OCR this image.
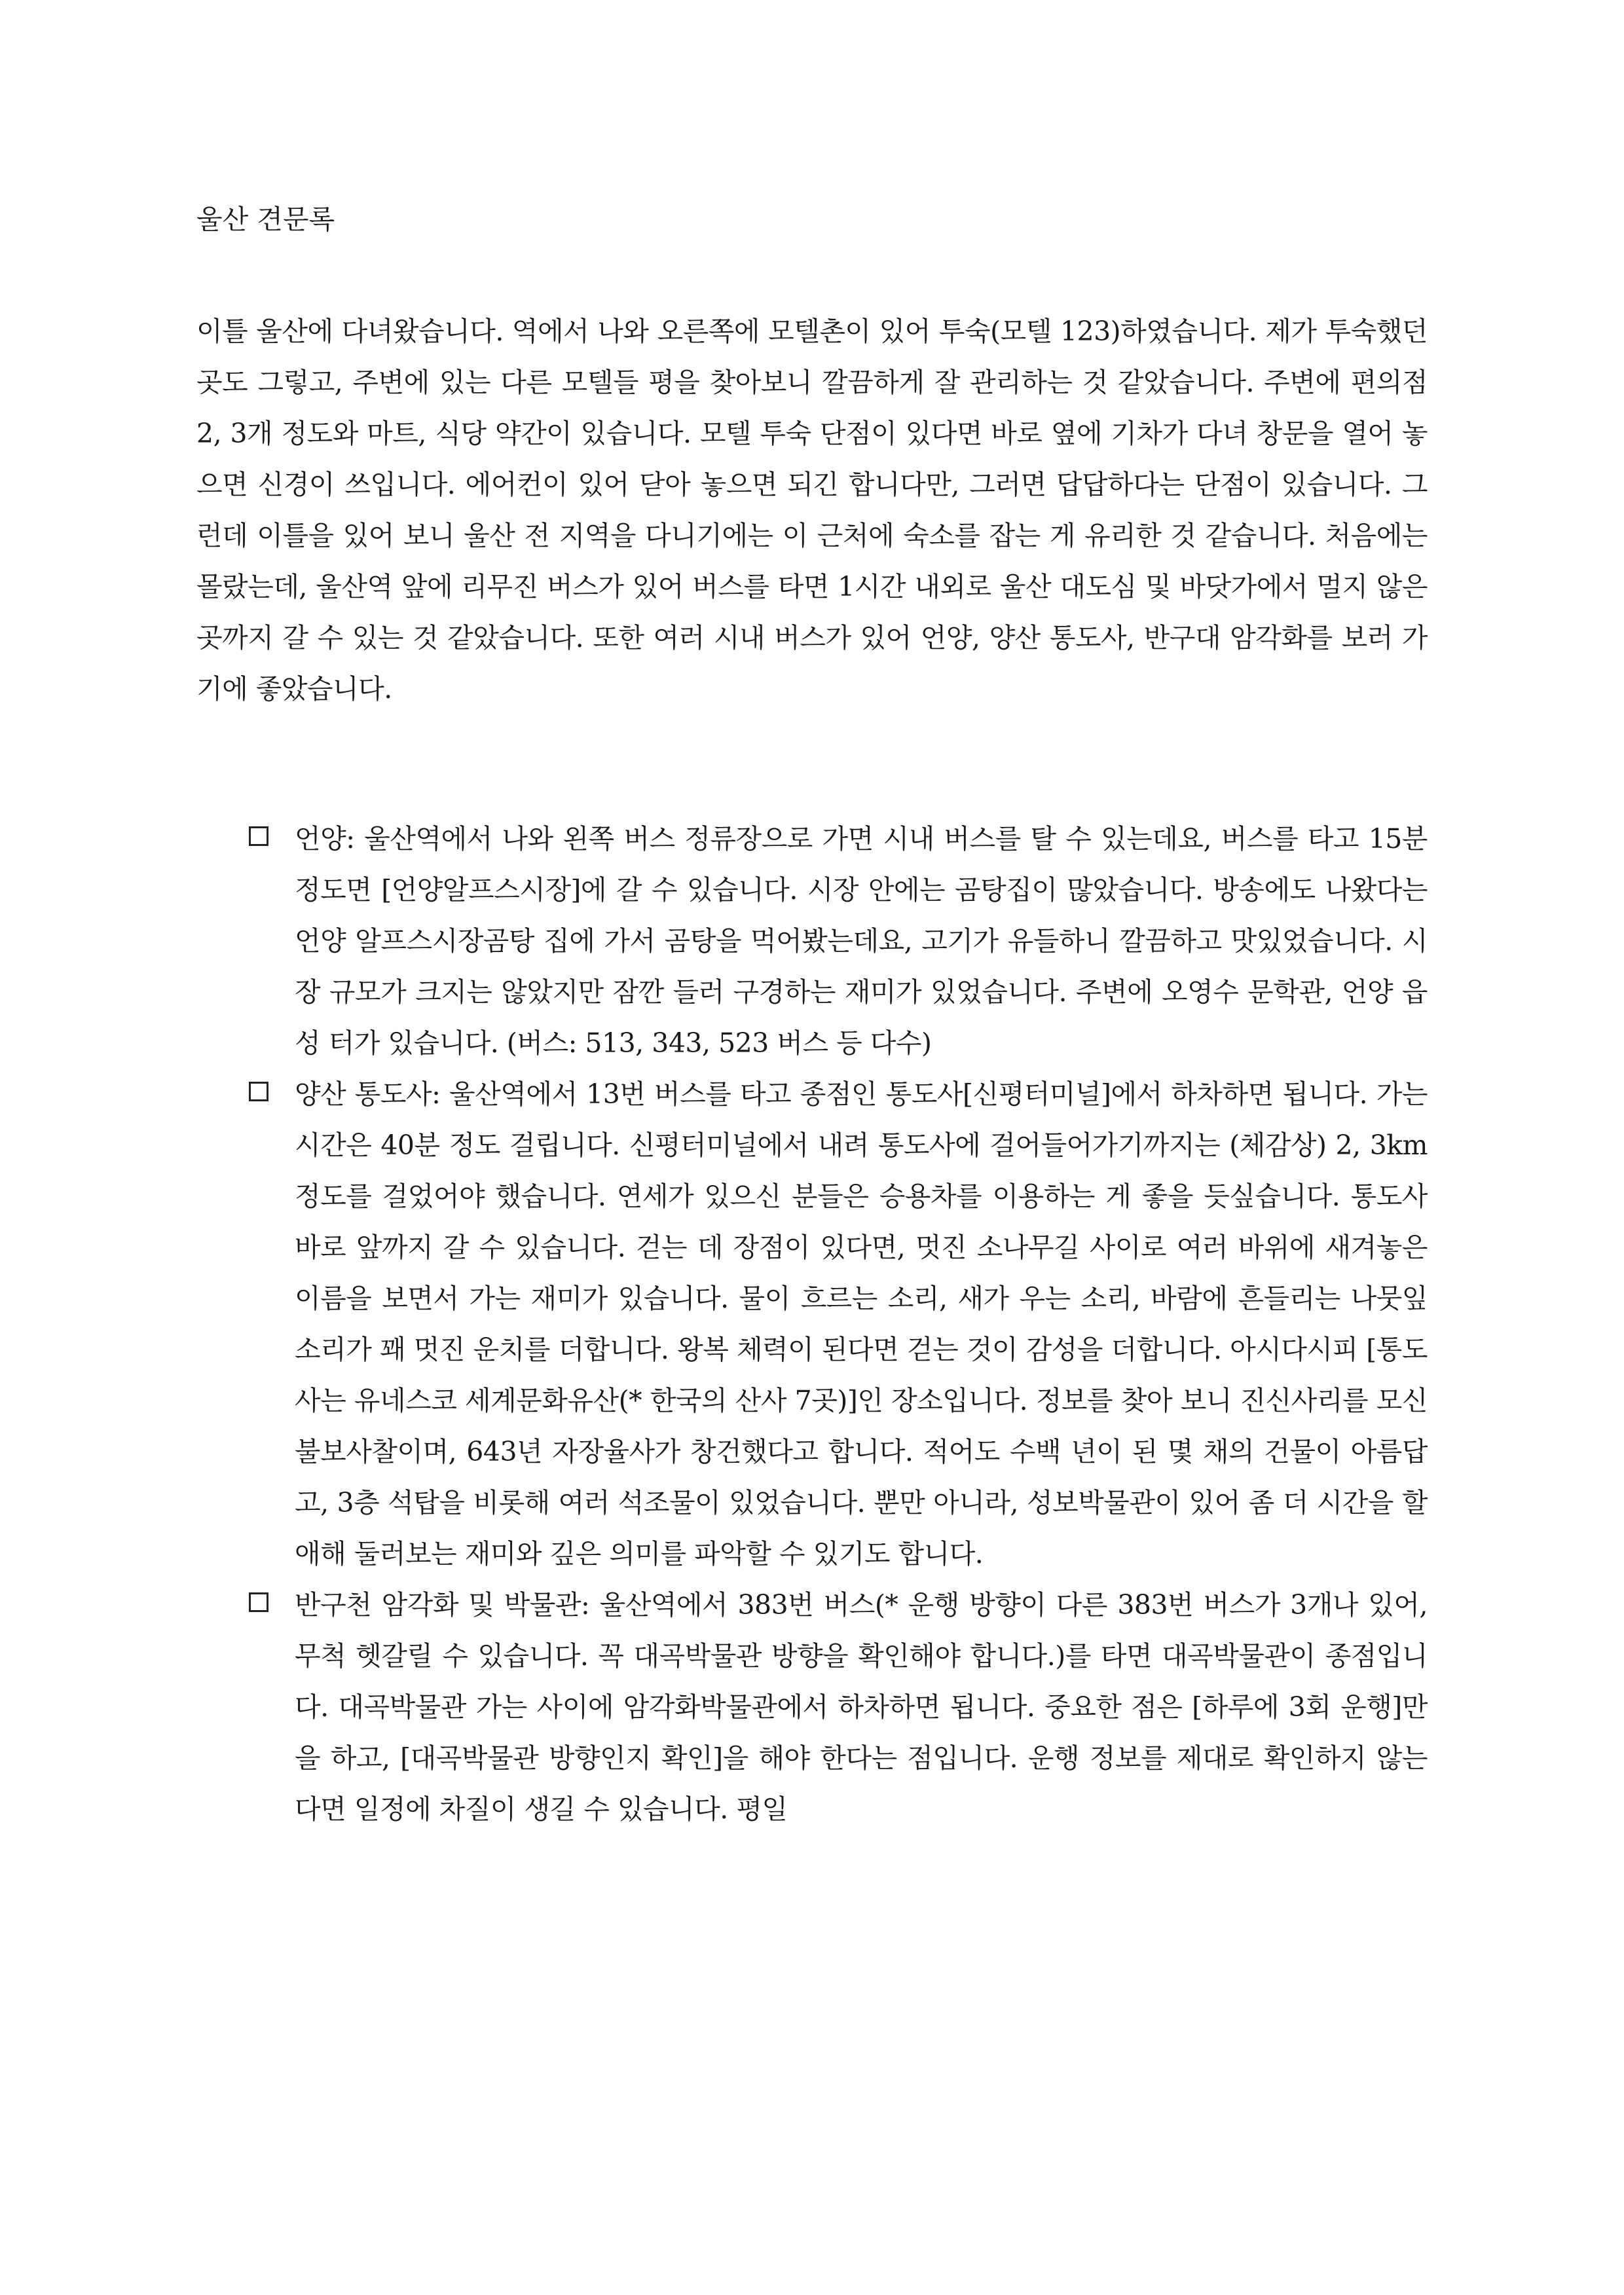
울산 견문록

이틀 울산에 다녀왔습니다. 역에서 나와 오른쪽에 모텔촌이 있어 투숙(모텔 123)하였습니다. 제가 투숙했던 곳도 그렇고, 주변에 있는 다른 모텔들 평을 찾아보니 깔끔하게 잘 관리하는 것 같았습니다. 주변에 편의점 2, 3개 정도와 마트, 식당 약간이 있습니다. 모텔 투숙 단점이 있다면 바로 옆에 기차가 다녀 창문을 열어 놓으면 신경이 쓰입니다. 에어컨이 있어 닫아 놓으면 되긴 합니다만, 그러면 답답하다는 단점이 있습니다. 그런데 이틀을 있어 보니 울산 전 지역을 다니기에는 이 근처에 숙소를 잡는 게 유리한 것 같습니다. 처음에는 몰랐는데, 울산역 앞에 리무진 버스가 있어 버스를 타면 1시간 내외로 울산 대도심 및 바닷가에서 멀지 않은 곳까지 갈 수 있는 것 같았습니다. 또한 여러 시내 버스가 있어 언양, 양산 통도사, 반구대 암각화를 보러 가기에 좋았습니다.

언양: 울산역에서 나와 왼쪽 버스 정류장으로 가면 시내 버스를 탈 수 있는데요, 버스를 타고 15분 정도면 [언양알프스시장]에 갈 수 있습니다. 시장 안에는 곰탕집이 많았습니다. 방송에도 나왔다는 언양 알프스시장곰탕 집에 가서 곰탕을 먹어봤는데요, 고기가 유들하니 깔끔하고 맛있었습니다. 시장 규모가 크지는 않았지만 잠깐 들러 구경하는 재미가 있었습니다. 주변에 오영수 문학관, 언양 읍성 터가 있습니다. (버스: 513, 343, 523 버스 등 다수)
양산 통도사: 울산역에서 13번 버스를 타고 종점인 통도사[신평터미널]에서 하차하면 됩니다. 가는 시간은 40분 정도 걸립니다. 신평터미널에서 내려 통도사에 걸어들어가기까지는 (체감상) 2, 3km 정도를 걸었어야 했습니다. 연세가 있으신 분들은 승용차를 이용하는 게 좋을 듯싶습니다. 통도사 바로 앞까지 갈 수 있습니다. 걷는 데 장점이 있다면, 멋진 소나무길 사이로 여러 바위에 새겨놓은 이름을 보면서 가는 재미가 있습니다. 물이 흐르는 소리, 새가 우는 소리, 바람에 흔들리는 나뭇잎 소리가 꽤 멋진 운치를 더합니다. 왕복 체력이 된다면 걷는 것이 감성을 더합니다. 아시다시피 [통도사는 유네스코 세계문화유산(* 한국의 산사 7곳)]인 장소입니다. 정보를 찾아 보니 진신사리를 모신 불보사찰이며, 643년 자장율사가 창건했다고 합니다. 적어도 수백 년이 된 몇 채의 건물이 아름답고, 3층 석탑을 비롯해 여러 석조물이 있었습니다. 뿐만 아니라, 성보박물관이 있어 좀 더 시간을 할애해 둘러보는 재미와 깊은 의미를 파악할 수 있기도 합니다.
반구천 암각화 및 박물관: 울산역에서 383번 버스(* 운행 방향이 다른 383번 버스가 3개나 있어, 무척 헷갈릴 수 있습니다. 꼭 대곡박물관 방향을 확인해야 합니다.)를 타면 대곡박물관이 종점입니다. 대곡박물관 가는 사이에 암각화박물관에서 하차하면 됩니다. 중요한 점은 [하루에 3회 운행]만을 하고, [대곡박물관 방향인지 확인]을 해야 한다는 점입니다. 운행 정보를 제대로 확인하지 않는다면 일정에 차질이 생길 수 있습니다. 평일
